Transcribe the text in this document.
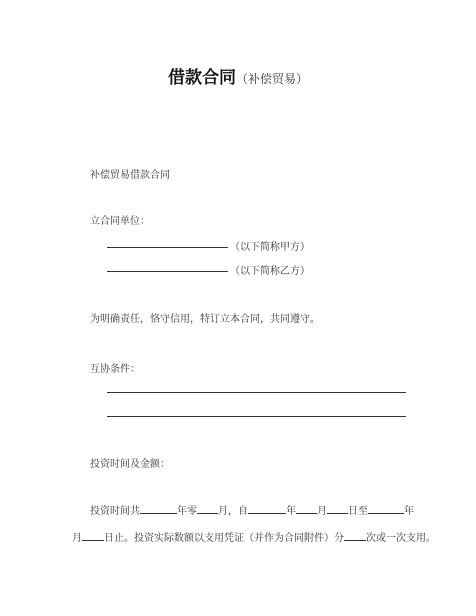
借款合同（补偿贸易）
补偿贸易借款合同
立合同单位：
（以下简称甲方）
（以下简称乙方）
为明确责任，恪守信用，特订立本合同，共同遵守。
互协条件：
投资时间及金额：
投资时间共	年零 月，自	年 月 日至	年
月 日止。投资实际数额以支用凭证（并作为合同附件）分 次或一次支用。
